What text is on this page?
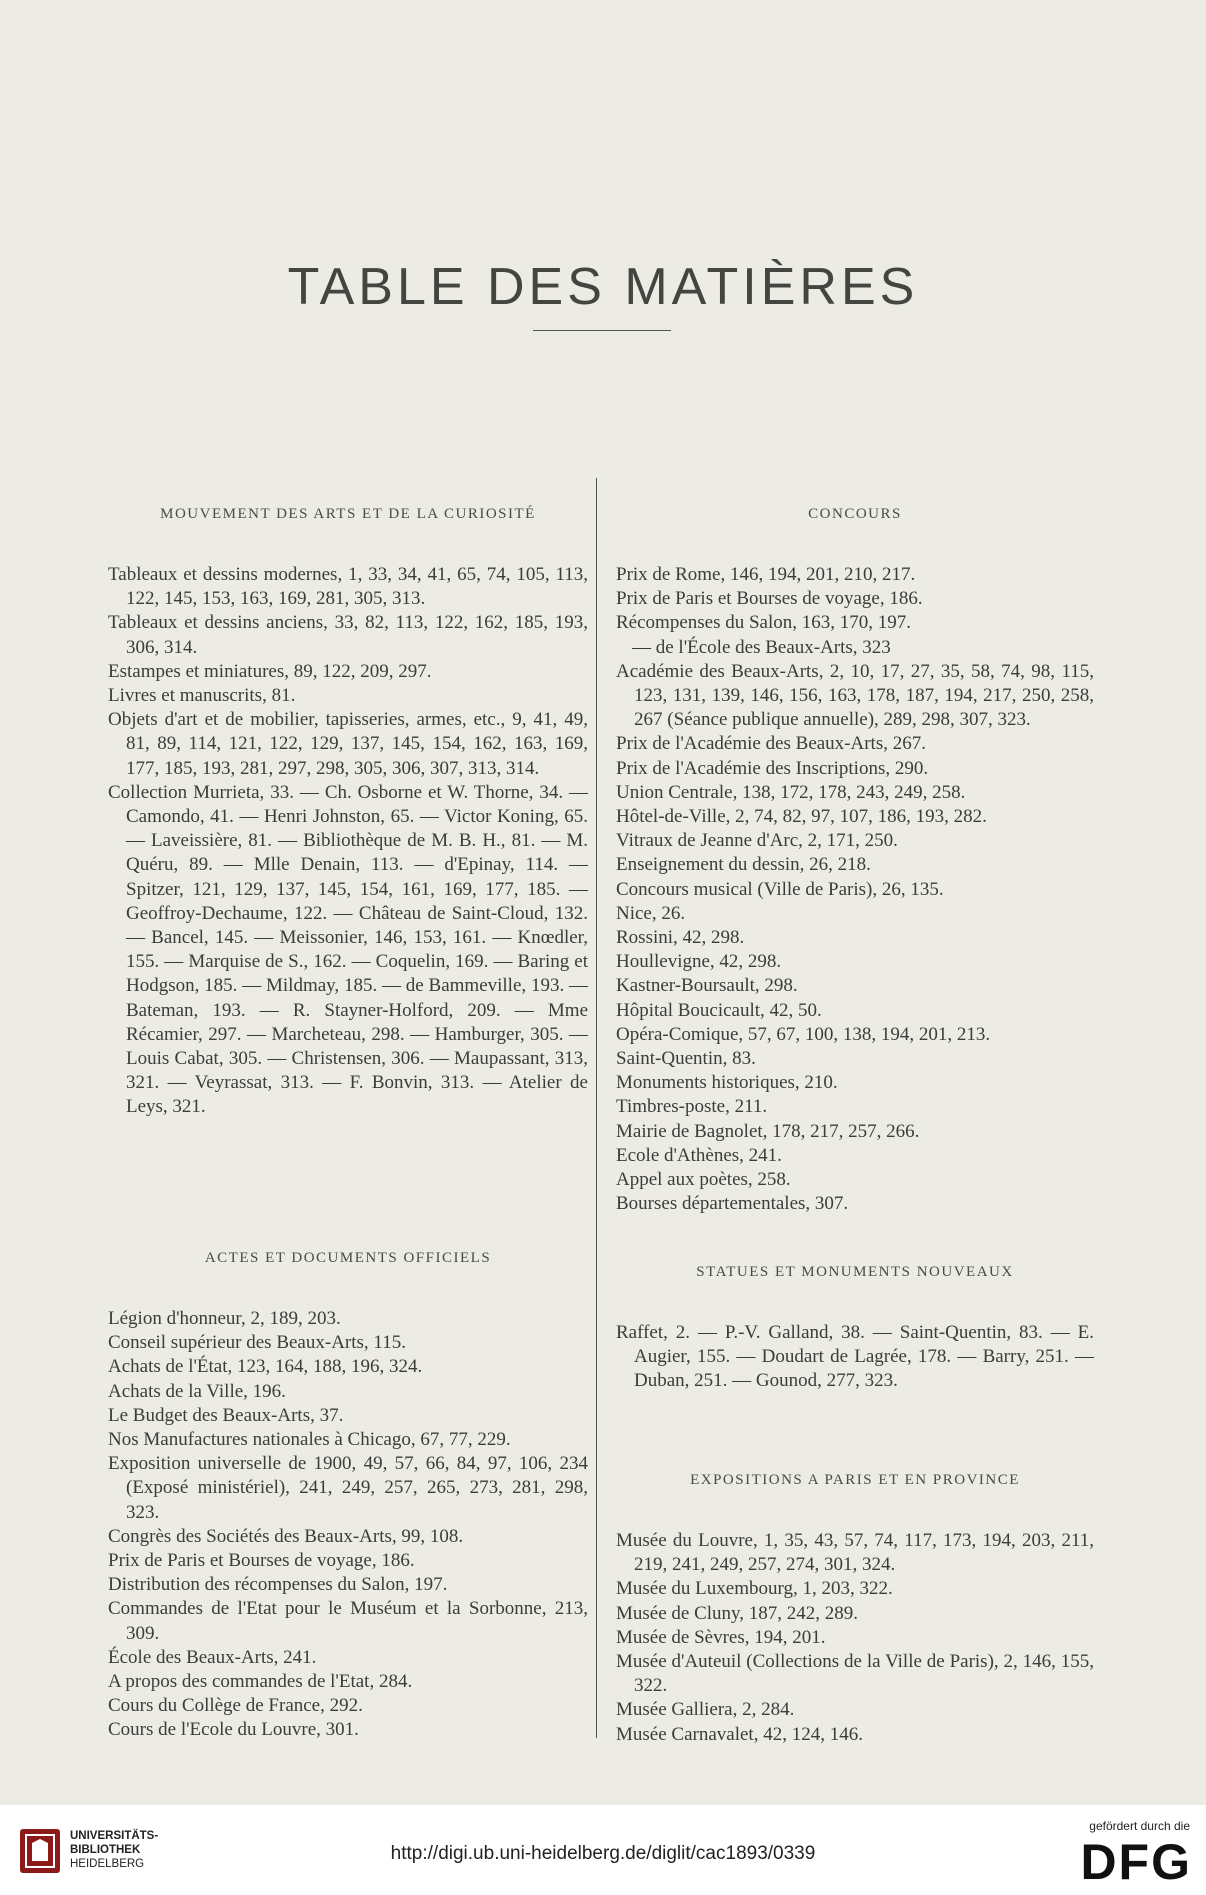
TABLE DES MATIÈRES
MOUVEMENT DES ARTS ET DE LA CURIOSITÉ
Tableaux et dessins modernes, 1, 33, 34, 41, 65, 74, 105, 113, 122, 145, 153, 163, 169, 281, 305, 313.
Tableaux et dessins anciens, 33, 82, 113, 122, 162, 185, 193, 306, 314.
Estampes et miniatures, 89, 122, 209, 297.
Livres et manuscrits, 81.
Objets d'art et de mobilier, tapisseries, armes, etc., 9, 41, 49, 81, 89, 114, 121, 122, 129, 137, 145, 154, 162, 163, 169, 177, 185, 193, 281, 297, 298, 305, 306, 307, 313, 314.
Collection Murrieta, 33. — Ch. Osborne et W. Thorne, 34. — Camondo, 41. — Henri Johnston, 65. — Victor Koning, 65. — Laveissière, 81. — Bibliothèque de M. B. H., 81. — M. Quéru, 89. — Mlle Denain, 113. — d'Epinay, 114. — Spitzer, 121, 129, 137, 145, 154, 161, 169, 177, 185. — Geoffroy-Dechaume, 122. — Château de Saint-Cloud, 132. — Bancel, 145. — Meissonier, 146, 153, 161. — Knœdler, 155. — Marquise de S., 162. — Coquelin, 169. — Baring et Hodgson, 185. — Mildmay, 185. — de Bammeville, 193. — Bateman, 193. — R. Stayner-Holford, 209. — Mme Récamier, 297. — Marcheteau, 298. — Hamburger, 305. — Louis Cabat, 305. — Christensen, 306. — Maupassant, 313, 321. — Veyrassat, 313. — F. Bonvin, 313. — Atelier de Leys, 321.
ACTES ET DOCUMENTS OFFICIELS
Légion d'honneur, 2, 189, 203.
Conseil supérieur des Beaux-Arts, 115.
Achats de l'État, 123, 164, 188, 196, 324.
Achats de la Ville, 196.
Le Budget des Beaux-Arts, 37.
Nos Manufactures nationales à Chicago, 67, 77, 229.
Exposition universelle de 1900, 49, 57, 66, 84, 97, 106, 234 (Exposé ministériel), 241, 249, 257, 265, 273, 281, 298, 323.
Congrès des Sociétés des Beaux-Arts, 99, 108.
Prix de Paris et Bourses de voyage, 186.
Distribution des récompenses du Salon, 197.
Commandes de l'Etat pour le Muséum et la Sorbonne, 213, 309.
École des Beaux-Arts, 241.
A propos des commandes de l'Etat, 284.
Cours du Collège de France, 292.
Cours de l'Ecole du Louvre, 301.
CONCOURS
Prix de Rome, 146, 194, 201, 210, 217.
Prix de Paris et Bourses de voyage, 186.
Récompenses du Salon, 163, 170, 197.
— de l'École des Beaux-Arts, 323
Académie des Beaux-Arts, 2, 10, 17, 27, 35, 58, 74, 98, 115, 123, 131, 139, 146, 156, 163, 178, 187, 194, 217, 250, 258, 267 (Séance publique annuelle), 289, 298, 307, 323.
Prix de l'Académie des Beaux-Arts, 267.
Prix de l'Académie des Inscriptions, 290.
Union Centrale, 138, 172, 178, 243, 249, 258.
Hôtel-de-Ville, 2, 74, 82, 97, 107, 186, 193, 282.
Vitraux de Jeanne d'Arc, 2, 171, 250.
Enseignement du dessin, 26, 218.
Concours musical (Ville de Paris), 26, 135.
Nice, 26.
Rossini, 42, 298.
Houllevigne, 42, 298.
Kastner-Boursault, 298.
Hôpital Boucicault, 42, 50.
Opéra-Comique, 57, 67, 100, 138, 194, 201, 213.
Saint-Quentin, 83.
Monuments historiques, 210.
Timbres-poste, 211.
Mairie de Bagnolet, 178, 217, 257, 266.
Ecole d'Athènes, 241.
Appel aux poètes, 258.
Bourses départementales, 307.
STATUES ET MONUMENTS NOUVEAUX
Raffet, 2. — P.-V. Galland, 38. — Saint-Quentin, 83. — E. Augier, 155. — Doudart de Lagrée, 178. — Barry, 251. — Duban, 251. — Gounod, 277, 323.
EXPOSITIONS A PARIS ET EN PROVINCE
Musée du Louvre, 1, 35, 43, 57, 74, 117, 173, 194, 203, 211, 219, 241, 249, 257, 274, 301, 324.
Musée du Luxembourg, 1, 203, 322.
Musée de Cluny, 187, 242, 289.
Musée de Sèvres, 194, 201.
Musée d'Auteuil (Collections de la Ville de Paris), 2, 146, 155, 322.
Musée Galliera, 2, 284.
Musée Carnavalet, 42, 124, 146.
UNIVERSITÄTS-
BIBLIOTHEK
HEIDELBERG	http://digi.ub.uni-heidelberg.de/diglit/cac1893/0339
gefördert durch die
DFG
